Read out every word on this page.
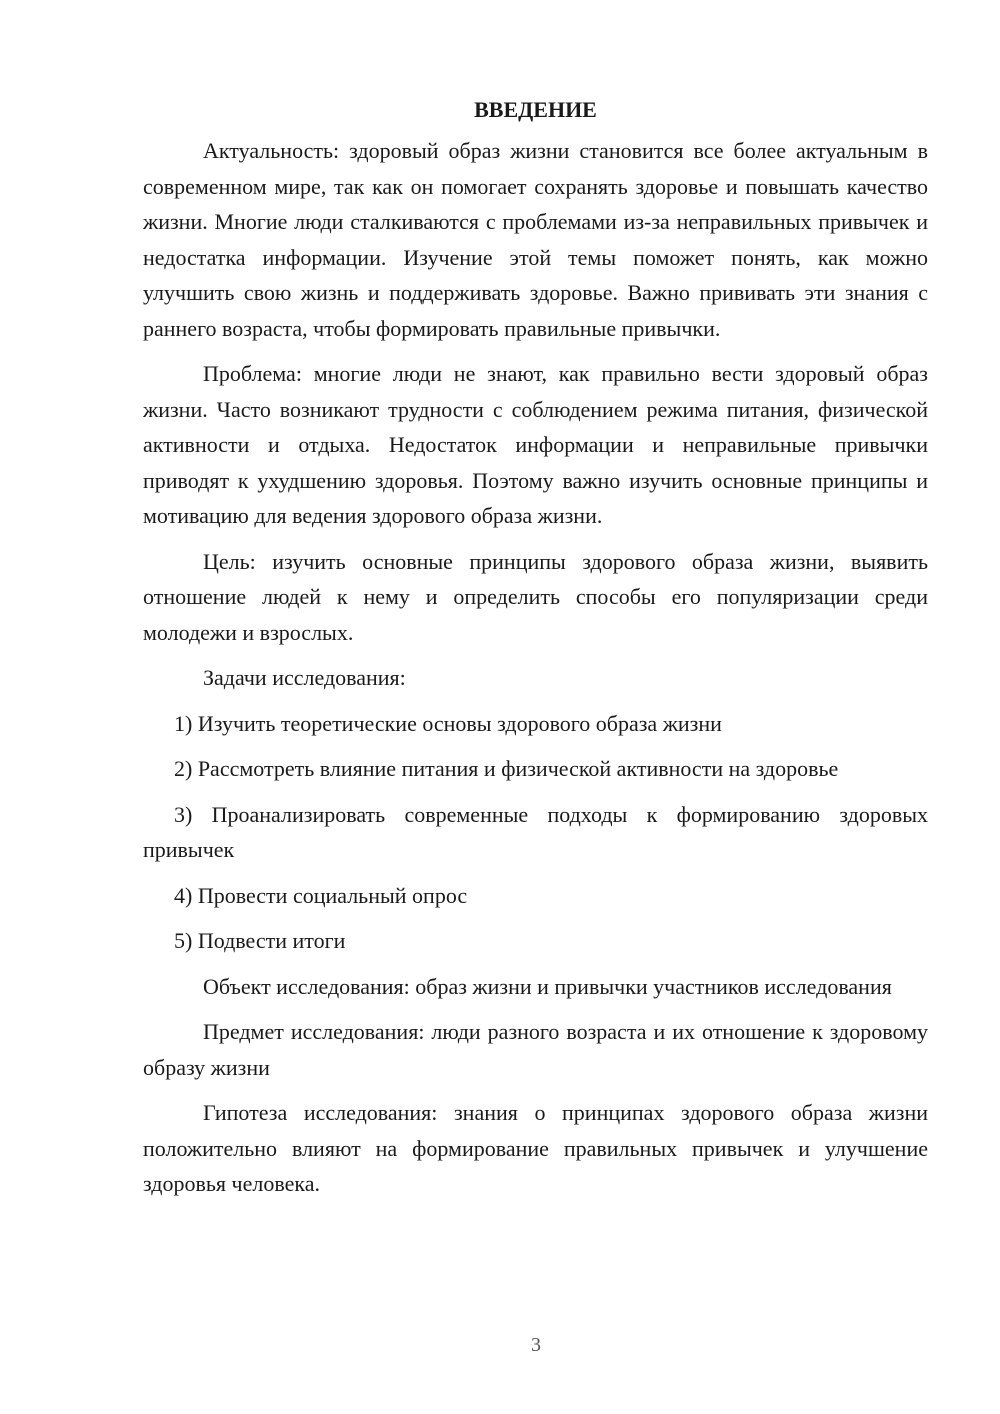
ВВЕДЕНИЕ

Актуальность: здоровый образ жизни становится все более актуальным в современном мире, так как он помогает сохранять здоровье и повышать качество жизни. Многие люди сталкиваются с проблемами из-за неправильных привычек и недостатка информации. Изучение этой темы поможет понять, как можно улучшить свою жизнь и поддерживать здоровье. Важно прививать эти знания с раннего возраста, чтобы формировать правильные привычки.

Проблема: многие люди не знают, как правильно вести здоровый образ жизни. Часто возникают трудности с соблюдением режима питания, физической активности и отдыха. Недостаток информации и неправильные привычки приводят к ухудшению здоровья. Поэтому важно изучить основные принципы и мотивацию для ведения здорового образа жизни.

Цель: изучить основные принципы здорового образа жизни, выявить отношение людей к нему и определить способы его популяризации среди молодежи и взрослых.

Задачи исследования:

1) Изучить теоретические основы здорового образа жизни

2) Рассмотреть влияние питания и физической активности на здоровье

3) Проанализировать современные подходы к формированию здоровых привычек

4) Провести социальный опрос

5) Подвести итоги

Объект исследования: образ жизни и привычки участников исследования

Предмет исследования: люди разного возраста и их отношение к здоровому образу жизни

Гипотеза исследования: знания о принципах здорового образа жизни положительно влияют на формирование правильных привычек и улучшение здоровья человека.

3
